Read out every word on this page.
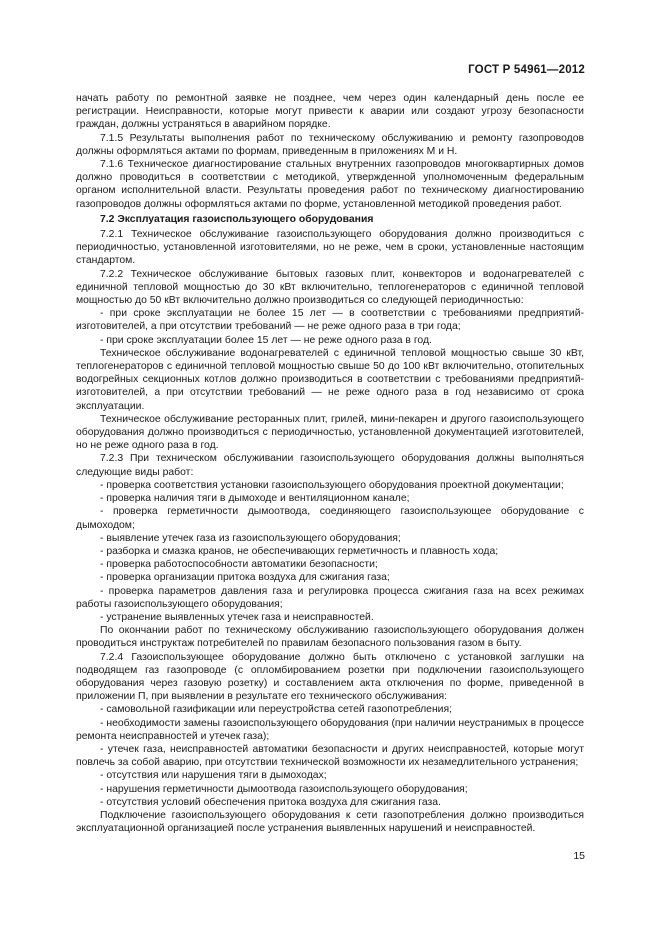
ГОСТ Р 54961—2012

начать работу по ремонтной заявке не позднее, чем через один календарный день после ее регистрации. Неисправности, которые могут привести к аварии или создают угрозу безопасности граждан, должны устраняться в аварийном порядке.

7.1.5 Результаты выполнения работ по техническому обслуживанию и ремонту газопроводов должны оформляться актами по формам, приведенным в приложениях М и Н.

7.1.6 Техническое диагностирование стальных внутренних газопроводов многоквартирных домов должно проводиться в соответствии с методикой, утвержденной уполномоченным федеральным органом исполнительной власти. Результаты проведения работ по техническому диагностированию газопроводов должны оформляться актами по форме, установленной методикой проведения работ.

7.2 Эксплуатация газоиспользующего оборудования

7.2.1 Техническое обслуживание газоиспользующего оборудования должно производиться с периодичностью, установленной изготовителями, но не реже, чем в сроки, установленные настоящим стандартом.

7.2.2 Техническое обслуживание бытовых газовых плит, конвекторов и водонагревателей с единичной тепловой мощностью до 30 кВт включительно, теплогенераторов с единичной тепловой мощностью до 50 кВт включительно должно производиться со следующей периодичностью:

- при сроке эксплуатации не более 15 лет — в соответствии с требованиями предприятий-изготовителей, а при отсутствии требований — не реже одного раза в три года;

- при сроке эксплуатации более 15 лет — не реже одного раза в год.

Техническое обслуживание водонагревателей с единичной тепловой мощностью свыше 30 кВт, теплогенераторов с единичной тепловой мощностью свыше 50 до 100 кВт включительно, отопительных водогрейных секционных котлов должно производиться в соответствии с требованиями предприятий-изготовителей, а при отсутствии требований — не реже одного раза в год независимо от срока эксплуатации.

Техническое обслуживание ресторанных плит, грилей, мини-пекарен и другого газоиспользующего оборудования должно производиться с периодичностью, установленной документацией изготовителей, но не реже одного раза в год.

7.2.3 При техническом обслуживании газоиспользующего оборудования должны выполняться следующие виды работ:

- проверка соответствия установки газоиспользующего оборудования проектной документации;

- проверка наличия тяги в дымоходе и вентиляционном канале;

- проверка герметичности дымоотвода, соединяющего газоиспользующее оборудование с дымоходом;

- выявление утечек газа из газоиспользующего оборудования;

- разборка и смазка кранов, не обеспечивающих герметичность и плавность хода;

- проверка работоспособности автоматики безопасности;

- проверка организации притока воздуха для сжигания газа;

- проверка параметров давления газа и регулировка процесса сжигания газа на всех режимах работы газоиспользующего оборудования;

- устранение выявленных утечек газа и неисправностей.

По окончании работ по техническому обслуживанию газоиспользующего оборудования должен проводиться инструктаж потребителей по правилам безопасного пользования газом в быту.

7.2.4 Газоиспользующее оборудование должно быть отключено с установкой заглушки на подводящем газ газопроводе (с опломбированием розетки при подключении газоиспользующего оборудования через газовую розетку) и составлением акта отключения по форме, приведенной в приложении П, при выявлении в результате его технического обслуживания:

- самовольной газификации или переустройства сетей газопотребления;

- необходимости замены газоиспользующего оборудования (при наличии неустранимых в процессе ремонта неисправностей и утечек газа);

- утечек газа, неисправностей автоматики безопасности и других неисправностей, которые могут повлечь за собой аварию, при отсутствии технической возможности их незамедлительного устранения;

- отсутствия или нарушения тяги в дымоходах;

- нарушения герметичности дымоотвода газоиспользующего оборудования;

- отсутствия условий обеспечения притока воздуха для сжигания газа.

Подключение газоиспользующего оборудования к сети газопотребления должно производиться эксплуатационной организацией после устранения выявленных нарушений и неисправностей.

15
